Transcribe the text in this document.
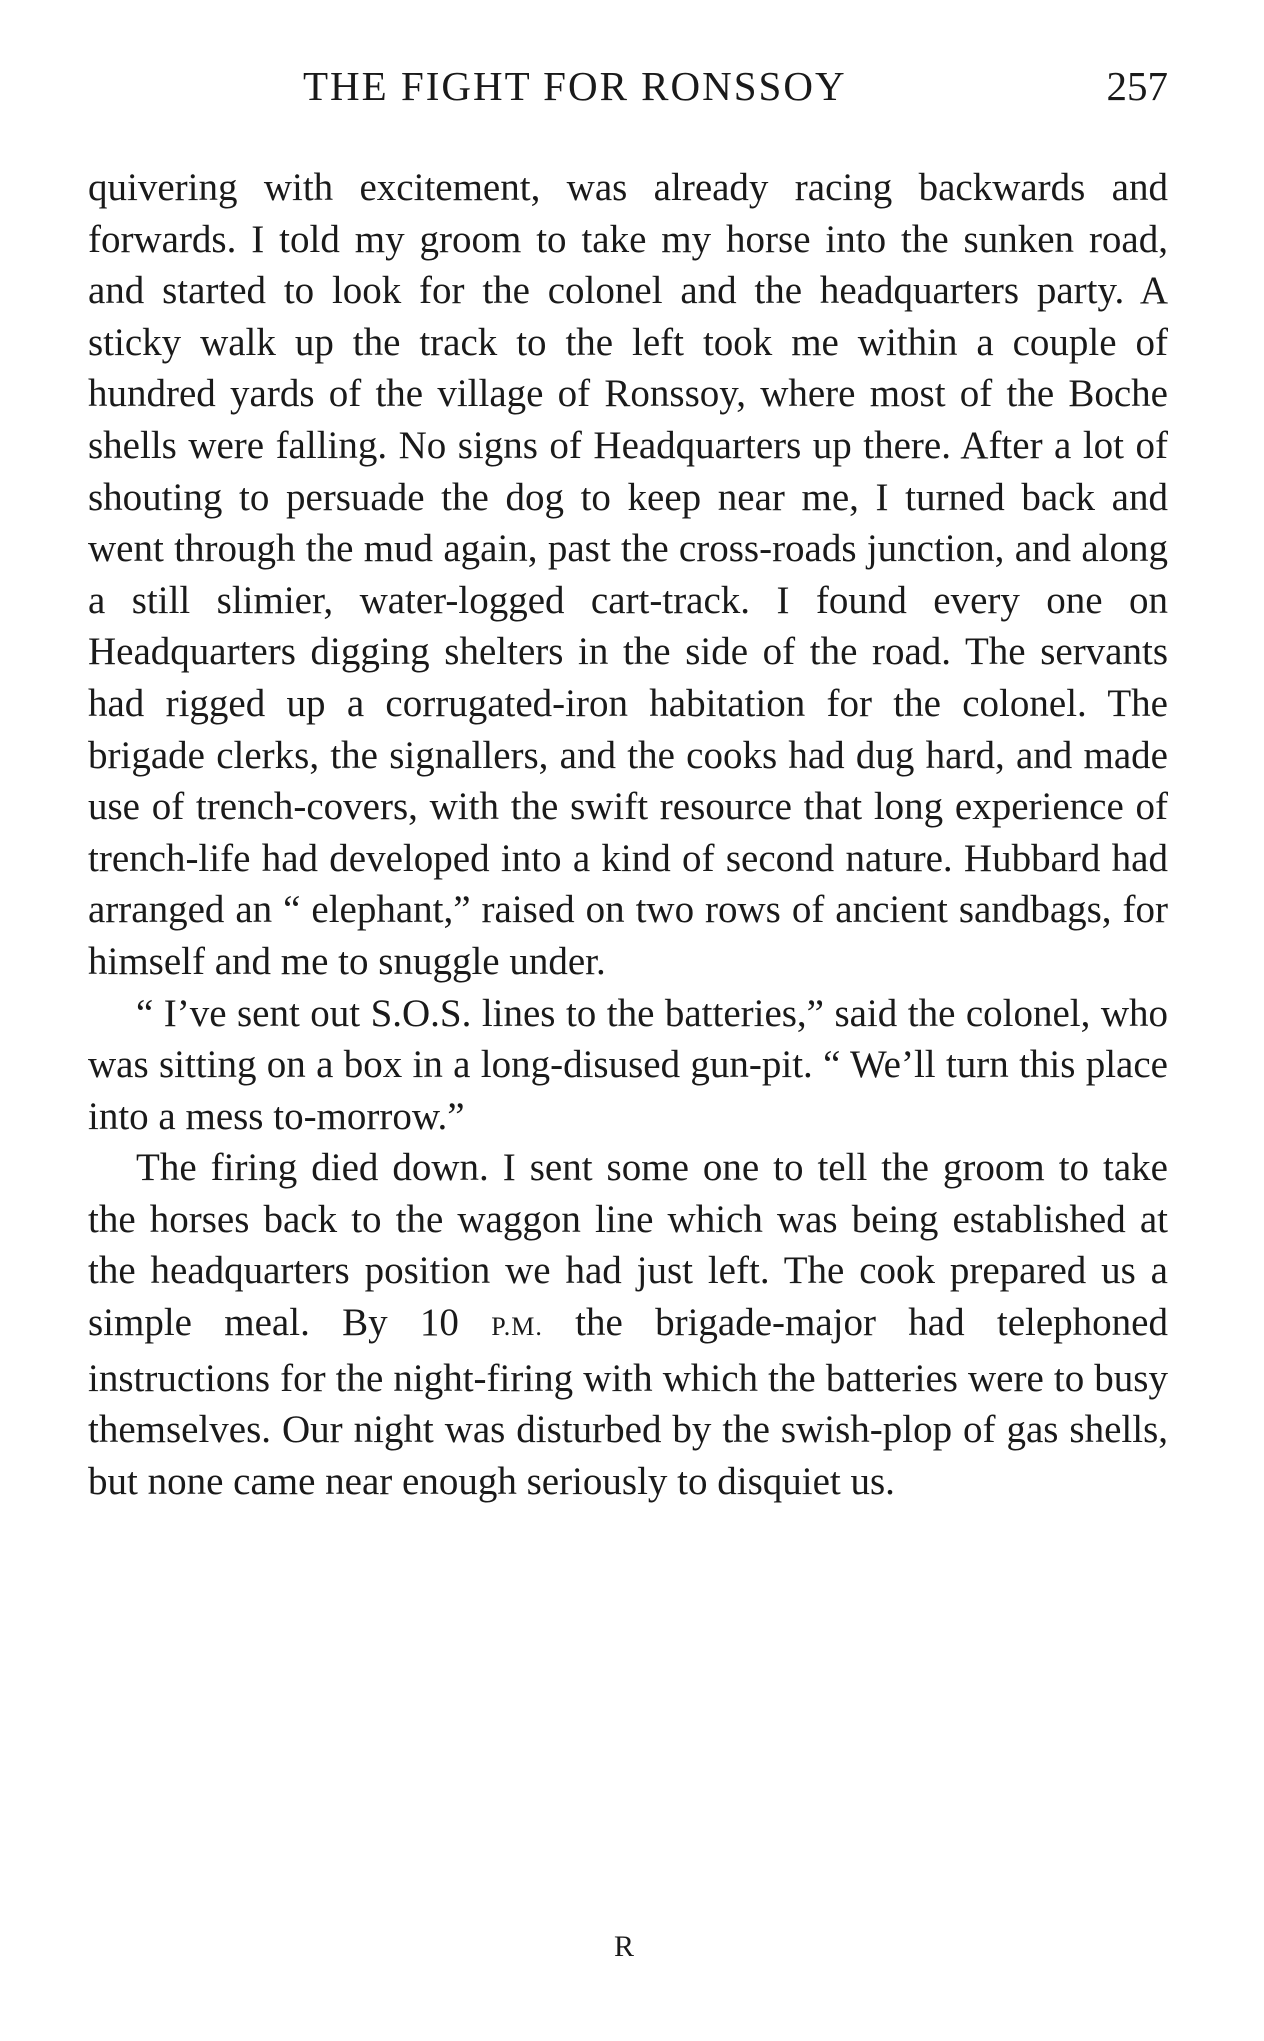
THE FIGHT FOR RONSSOY	257

quivering with excitement, was already racing backwards and forwards. I told my groom to take my horse into the sunken road, and started to look for the colonel and the headquarters party. A sticky walk up the track to the left took me within a couple of hundred yards of the village of Ronssoy, where most of the Boche shells were falling. No signs of Headquarters up there. After a lot of shouting to persuade the dog to keep near me, I turned back and went through the mud again, past the cross-roads junction, and along a still slimier, water-logged cart-track. I found every one on Headquarters digging shelters in the side of the road. The servants had rigged up a corrugated-iron habitation for the colonel. The brigade clerks, the signallers, and the cooks had dug hard, and made use of trench-covers, with the swift resource that long experience of trench-life had developed into a kind of second nature. Hubbard had arranged an “ elephant,” raised on two rows of ancient sandbags, for himself and me to snuggle under.

“ I’ve sent out S.O.S. lines to the batteries,” said the colonel, who was sitting on a box in a long-disused gun-pit. “ We’ll turn this place into a mess to-morrow.”

The firing died down. I sent some one to tell the groom to take the horses back to the waggon line which was being established at the headquarters position we had just left. The cook prepared us a simple meal. By 10 P.M. the brigade-major had telephoned instructions for the night-firing with which the batteries were to busy themselves. Our night was disturbed by the swish-plop of gas shells, but none came near enough seriously to disquiet us.

R
